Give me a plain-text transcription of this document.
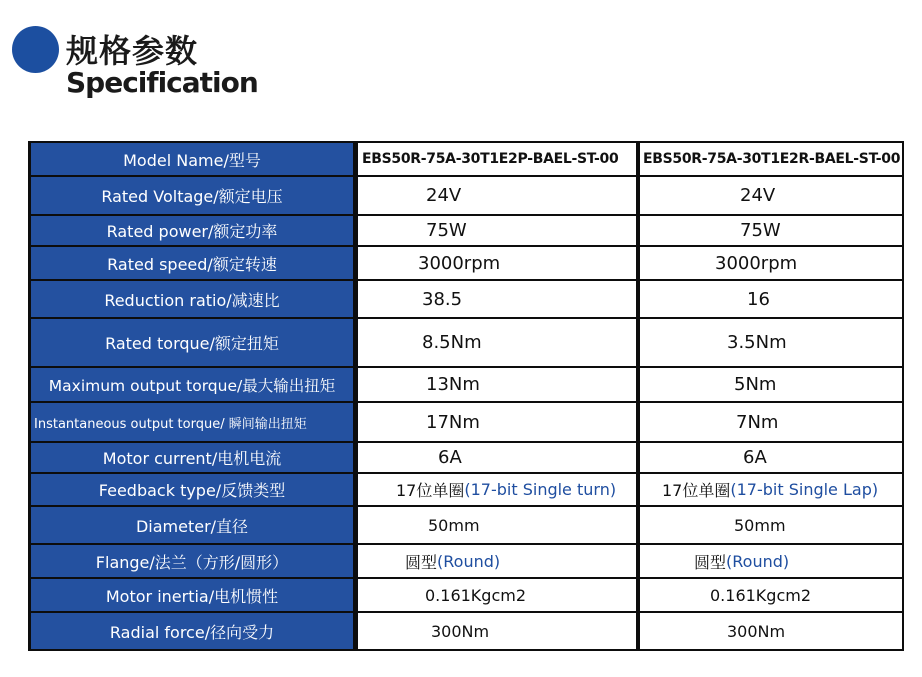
规格参数
Specification
Model Name/型号	EBS50R-75A-30T1E2P-BAEL-ST-00	EBS50R-75A-30T1E2R-BAEL-ST-00
Rated Voltage/额定电压	24V	24V
Rated power/额定功率	75W	75W
Rated speed/额定转速	3000rpm	3000rpm
Reduction ratio/减速比	38.5	16
Rated torque/额定扭矩	8.5Nm	3.5Nm
Maximum output torque/最大输出扭矩	13Nm	5Nm
Instantaneous output torque/ 瞬间输出扭矩	17Nm	7Nm
Motor current/电机电流	6A	6A
Feedback type/反馈类型	17位单圈 (17-bit Single turn)	17位单圈 (17-bit Single Lap)
Diameter/直径	50mm	50mm
Flange/法兰（方形/圆形）	圆型 (Round)	圆型 (Round)
Motor inertia/电机惯性	0.161Kgcm2	0.161Kgcm2
Radial force/径向受力	300Nm	300Nm
